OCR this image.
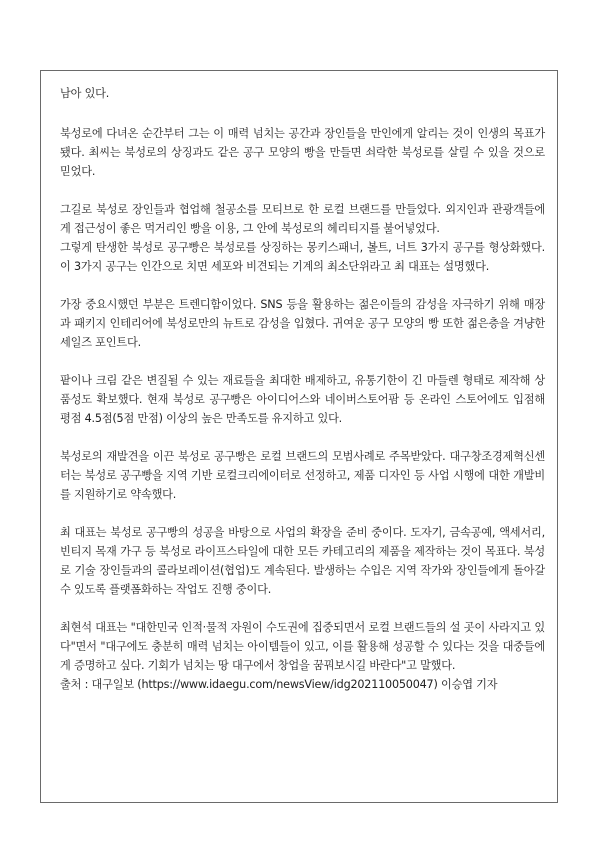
남아 있다.

북성로에 다녀온 순간부터 그는 이 매력 넘치는 공간과 장인들을 만인에게 알리는 것이 인생의 목표가 됐다. 최씨는 북성로의 상징과도 같은 공구 모양의 빵을 만들면 쇠락한 북성로를 살릴 수 있을 것으로 믿었다.

그길로 북성로 장인들과 협업해 철공소를 모티브로 한 로컬 브랜드를 만들었다. 외지인과 관광객들에게 접근성이 좋은 먹거리인 빵을 이용, 그 안에 북성로의 헤리티지를 불어넣었다.

그렇게 탄생한 북성로 공구빵은 북성로를 상징하는 몽키스패너, 볼트, 너트 3가지 공구를 형상화했다. 이 3가지 공구는 인간으로 치면 세포와 비견되는 기계의 최소단위라고 최 대표는 설명했다.

가장 중요시했던 부분은 트렌디함이었다. SNS 등을 활용하는 젊은이들의 감성을 자극하기 위해 매장과 패키지 인테리어에 북성로만의 뉴트로 감성을 입혔다. 귀여운 공구 모양의 빵 또한 젊은층을 겨냥한 세일즈 포인트다.

팥이나 크림 같은 변질될 수 있는 재료들을 최대한 배제하고, 유통기한이 긴 마들렌 형태로 제작해 상품성도 확보했다. 현재 북성로 공구빵은 아이디어스와 네이버스토어팜 등 온라인 스토어에도 입점해 평점 4.5점(5점 만점) 이상의 높은 만족도를 유지하고 있다.

북성로의 재발견을 이끈 북성로 공구빵은 로컬 브랜드의 모범사례로 주목받았다. 대구창조경제혁신센터는 북성로 공구빵을 지역 기반 로컬크리에이터로 선정하고, 제품 디자인 등 사업 시행에 대한 개발비를 지원하기로 약속했다.

최 대표는 북성로 공구빵의 성공을 바탕으로 사업의 확장을 준비 중이다. 도자기, 금속공예, 액세서리, 빈티지 목재 가구 등 북성로 라이프스타일에 대한 모든 카테고리의 제품을 제작하는 것이 목표다. 북성로 기술 장인들과의 콜라보레이션(협업)도 계속된다. 발생하는 수입은 지역 작가와 장인들에게 돌아갈 수 있도록 플랫폼화하는 작업도 진행 중이다.

최현석 대표는 "대한민국 인적·물적 자원이 수도권에 집중되면서 로컬 브랜드들의 설 곳이 사라지고 있다"면서 "대구에도 충분히 매력 넘치는 아이템들이 있고, 이를 활용해 성공할 수 있다는 것을 대중들에게 증명하고 싶다. 기회가 넘치는 땅 대구에서 창업을 꿈꿔보시길 바란다"고 말했다.

출처 : 대구일보 (https://www.idaegu.com/newsView/idg202110050047) 이승엽 기자
